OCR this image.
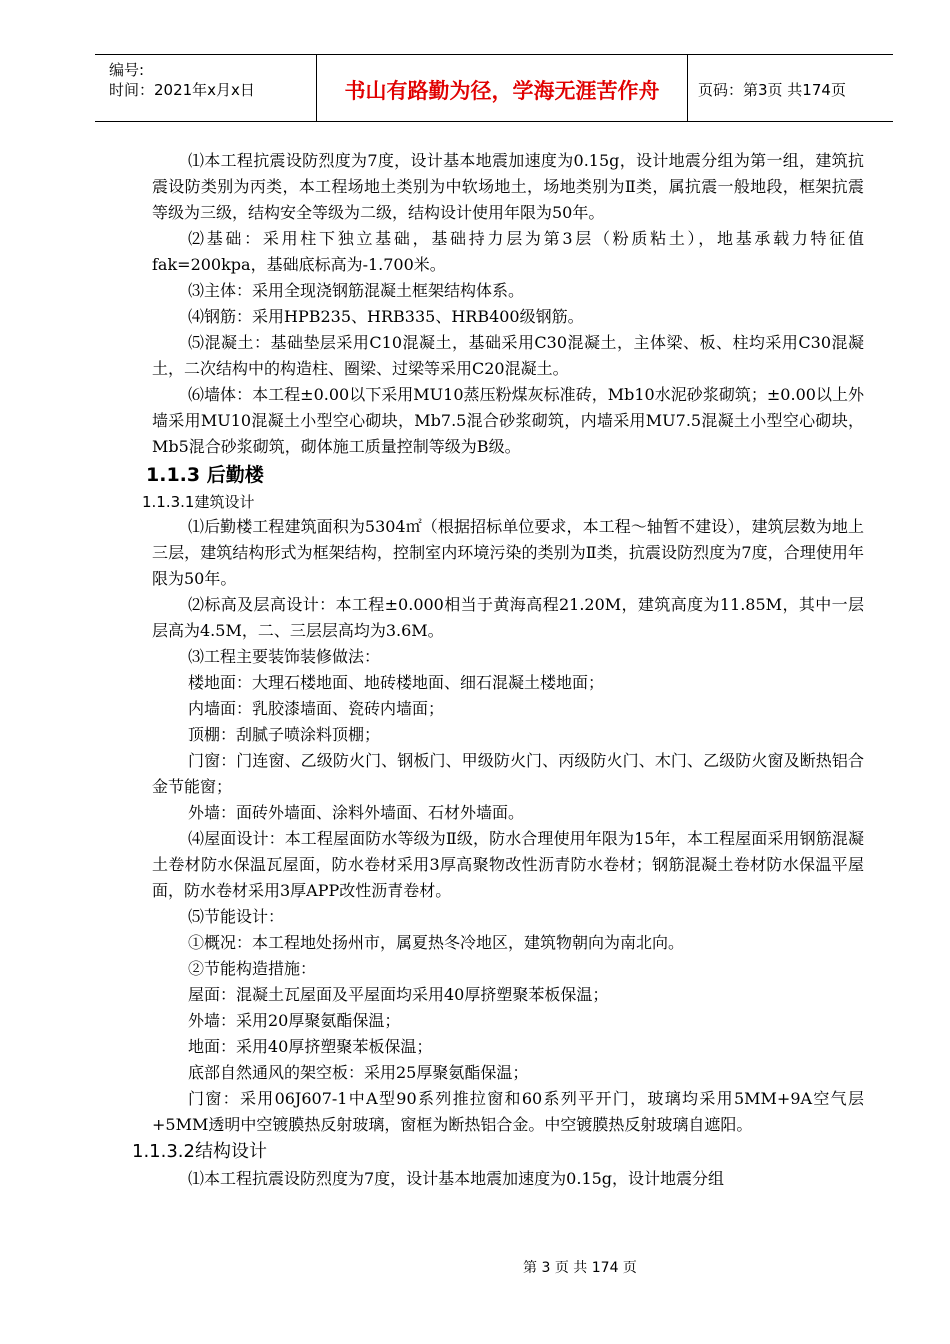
编号:
时间：2021年x月x日	书山有路勤为径，学海无涯苦作舟	页码：第3页 共174页

⑴本工程抗震设防烈度为7度，设计基本地震加速度为0.15g，设计地震分组为第一组，建筑抗震设防类别为丙类，本工程场地土类别为中软场地土，场地类别为Ⅱ类，属抗震一般地段，框架抗震等级为三级，结构安全等级为二级，结构设计使用年限为50年。

⑵基础：采用柱下独立基础，基础持力层为第3层（粉质粘土），地基承载力特征值fak=200kpa，基础底标高为-1.700米。

⑶主体：采用全现浇钢筋混凝土框架结构体系。

⑷钢筋：采用HPB235、HRB335、HRB400级钢筋。

⑸混凝土：基础垫层采用C10混凝土，基础采用C30混凝土，主体梁、板、柱均采用C30混凝土，二次结构中的构造柱、圈梁、过梁等采用C20混凝土。

⑹墙体：本工程±0.00以下采用MU10蒸压粉煤灰标准砖，Mb10水泥砂浆砌筑；±0.00以上外墙采用MU10混凝土小型空心砌块，Mb7.5混合砂浆砌筑，内墙采用MU7.5混凝土小型空心砌块，Mb5混合砂浆砌筑，砌体施工质量控制等级为B级。

1.1.3 后勤楼

1.1.3.1建筑设计

⑴后勤楼工程建筑面积为5304㎡（根据招标单位要求，本工程～轴暂不建设），建筑层数为地上三层，建筑结构形式为框架结构，控制室内环境污染的类别为Ⅱ类，抗震设防烈度为7度，合理使用年限为50年。

⑵标高及层高设计：本工程±0.000相当于黄海高程21.20M，建筑高度为11.85M，其中一层层高为4.5M，二、三层层高均为3.6M。

⑶工程主要装饰装修做法：

楼地面：大理石楼地面、地砖楼地面、细石混凝土楼地面；

内墙面：乳胶漆墙面、瓷砖内墙面；

顶棚：刮腻子喷涂料顶棚；

门窗：门连窗、乙级防火门、钢板门、甲级防火门、丙级防火门、木门、乙级防火窗及断热铝合金节能窗；

外墙：面砖外墙面、涂料外墙面、石材外墙面。

⑷屋面设计：本工程屋面防水等级为Ⅱ级，防水合理使用年限为15年，本工程屋面采用钢筋混凝土卷材防水保温瓦屋面，防水卷材采用3厚高聚物改性沥青防水卷材；钢筋混凝土卷材防水保温平屋面，防水卷材采用3厚APP改性沥青卷材。

⑸节能设计：

①概况：本工程地处扬州市，属夏热冬冷地区，建筑物朝向为南北向。

②节能构造措施：

屋面：混凝土瓦屋面及平屋面均采用40厚挤塑聚苯板保温；

外墙：采用20厚聚氨酯保温；

地面：采用40厚挤塑聚苯板保温；

底部自然通风的架空板：采用25厚聚氨酯保温；

门窗：采用06J607-1中A型90系列推拉窗和60系列平开门，玻璃均采用5MM+9A空气层+5MM透明中空镀膜热反射玻璃，窗框为断热铝合金。中空镀膜热反射玻璃自遮阳。

1.1.3.2结构设计

⑴本工程抗震设防烈度为7度，设计基本地震加速度为0.15g，设计地震分组

第 3 页 共 174 页
